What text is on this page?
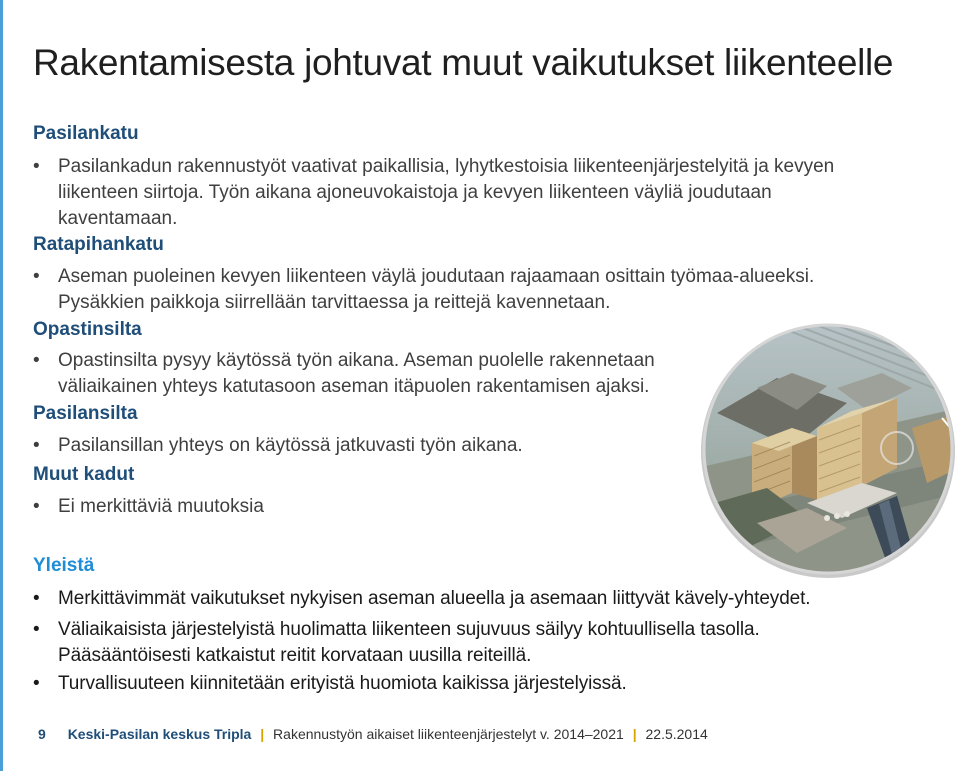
Rakentamisesta johtuvat muut vaikutukset liikenteelle
Pasilankatu
• Pasilankadun rakennustyöt vaativat paikallisia, lyhytkestoisia liikenteenjärjestelyitä ja kevyen
liikenteen siirtoja. Työn aikana ajoneuvokaistoja ja kevyen liikenteen väyliä joudutaan
kaventamaan.
Ratapihankatu
• Aseman puoleinen kevyen liikenteen väylä joudutaan rajaamaan osittain työmaa-alueeksi.
Pysäkkien paikkoja siirrellään tarvittaessa ja reittejä kavennetaan.
Opastinsilta
• Opastinsilta pysyy käytössä työn aikana. Aseman puolelle rakennetaan
väliaikainen yhteys katutasoon aseman itäpuolen rakentamisen ajaksi.
Pasilansilta
• Pasilansillan yhteys on käytössä jatkuvasti työn aikana.
Muut kadut
• Ei merkittäviä muutoksia
Yleistä
• Merkittävimmät vaikutukset nykyisen aseman alueella ja asemaan liittyvät kävely-yhteydet.
• Väliaikaisista järjestelyistä huolimatta liikenteen sujuvuus säilyy kohtuullisella tasolla.
Pääsääntöisesti katkaistut reitit korvataan uusilla reiteillä.
• Turvallisuuteen kiinnitetään erityistä huomiota kaikissa järjestelyissä.
9 Keski-Pasilan keskus Tripla | Rakennustyön aikaiset liikenteenjärjestelyt v. 2014–2021 | 22.5.2014
